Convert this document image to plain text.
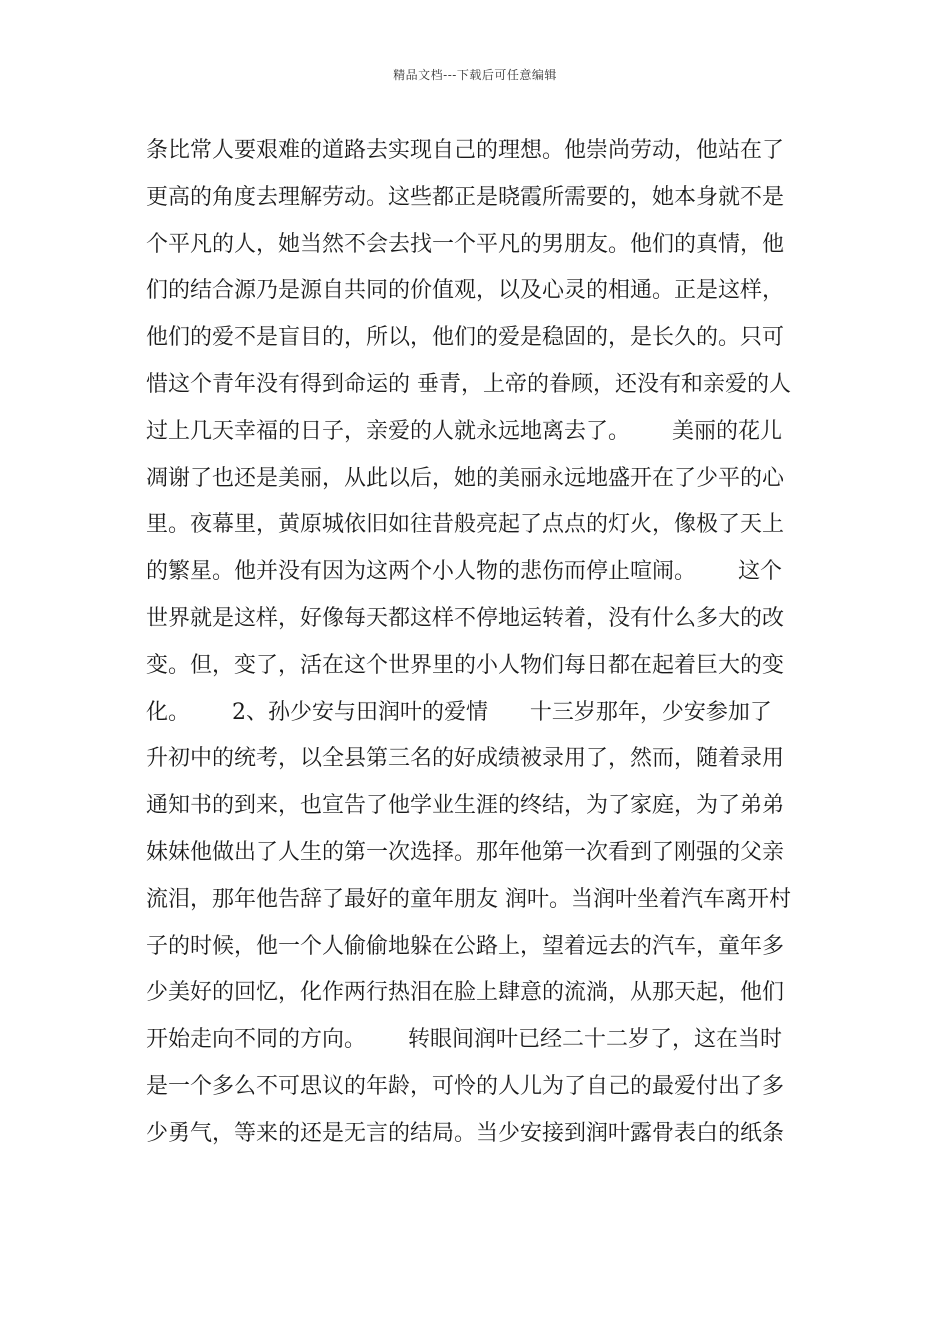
精品文档---下载后可任意编辑
条比常人要艰难的道路去实现自己的理想。他崇尚劳动，他站在了
更高的角度去理解劳动。这些都正是晓霞所需要的，她本身就不是
个平凡的人，她当然不会去找一个平凡的男朋友。他们的真情，他
们的结合源乃是源自共同的价值观，以及心灵的相通。正是这样，
他们的爱不是盲目的，所以，他们的爱是稳固的，是长久的。只可
惜这个青年没有得到命运的 垂青，上帝的眷顾，还没有和亲爱的人
过上几天幸福的日子，亲爱的人就永远地离去了。      美丽的花儿
凋谢了也还是美丽，从此以后，她的美丽永远地盛开在了少平的心
里。夜幕里，黄原城依旧如往昔般亮起了点点的灯火，像极了天上
的繁星。他并没有因为这两个小人物的悲伤而停止喧闹。      这个
世界就是这样，好像每天都这样不停地运转着，没有什么多大的改
变。但，变了，活在这个世界里的小人物们每日都在起着巨大的变
化。      2、孙少安与田润叶的爱情      十三岁那年，少安参加了
升初中的统考，以全县第三名的好成绩被录用了，然而，随着录用
通知书的到来，也宣告了他学业生涯的终结，为了家庭，为了弟弟
妹妹他做出了人生的第一次选择。那年他第一次看到了刚强的父亲
流泪，那年他告辞了最好的童年朋友 润叶。当润叶坐着汽车离开村
子的时候，他一个人偷偷地躲在公路上，望着远去的汽车，童年多
少美好的回忆，化作两行热泪在脸上肆意的流淌，从那天起，他们
开始走向不同的方向。      转眼间润叶已经二十二岁了，这在当时
是一个多么不可思议的年龄，可怜的人儿为了自己的最爱付出了多
少勇气，等来的还是无言的结局。当少安接到润叶露骨表白的纸条
